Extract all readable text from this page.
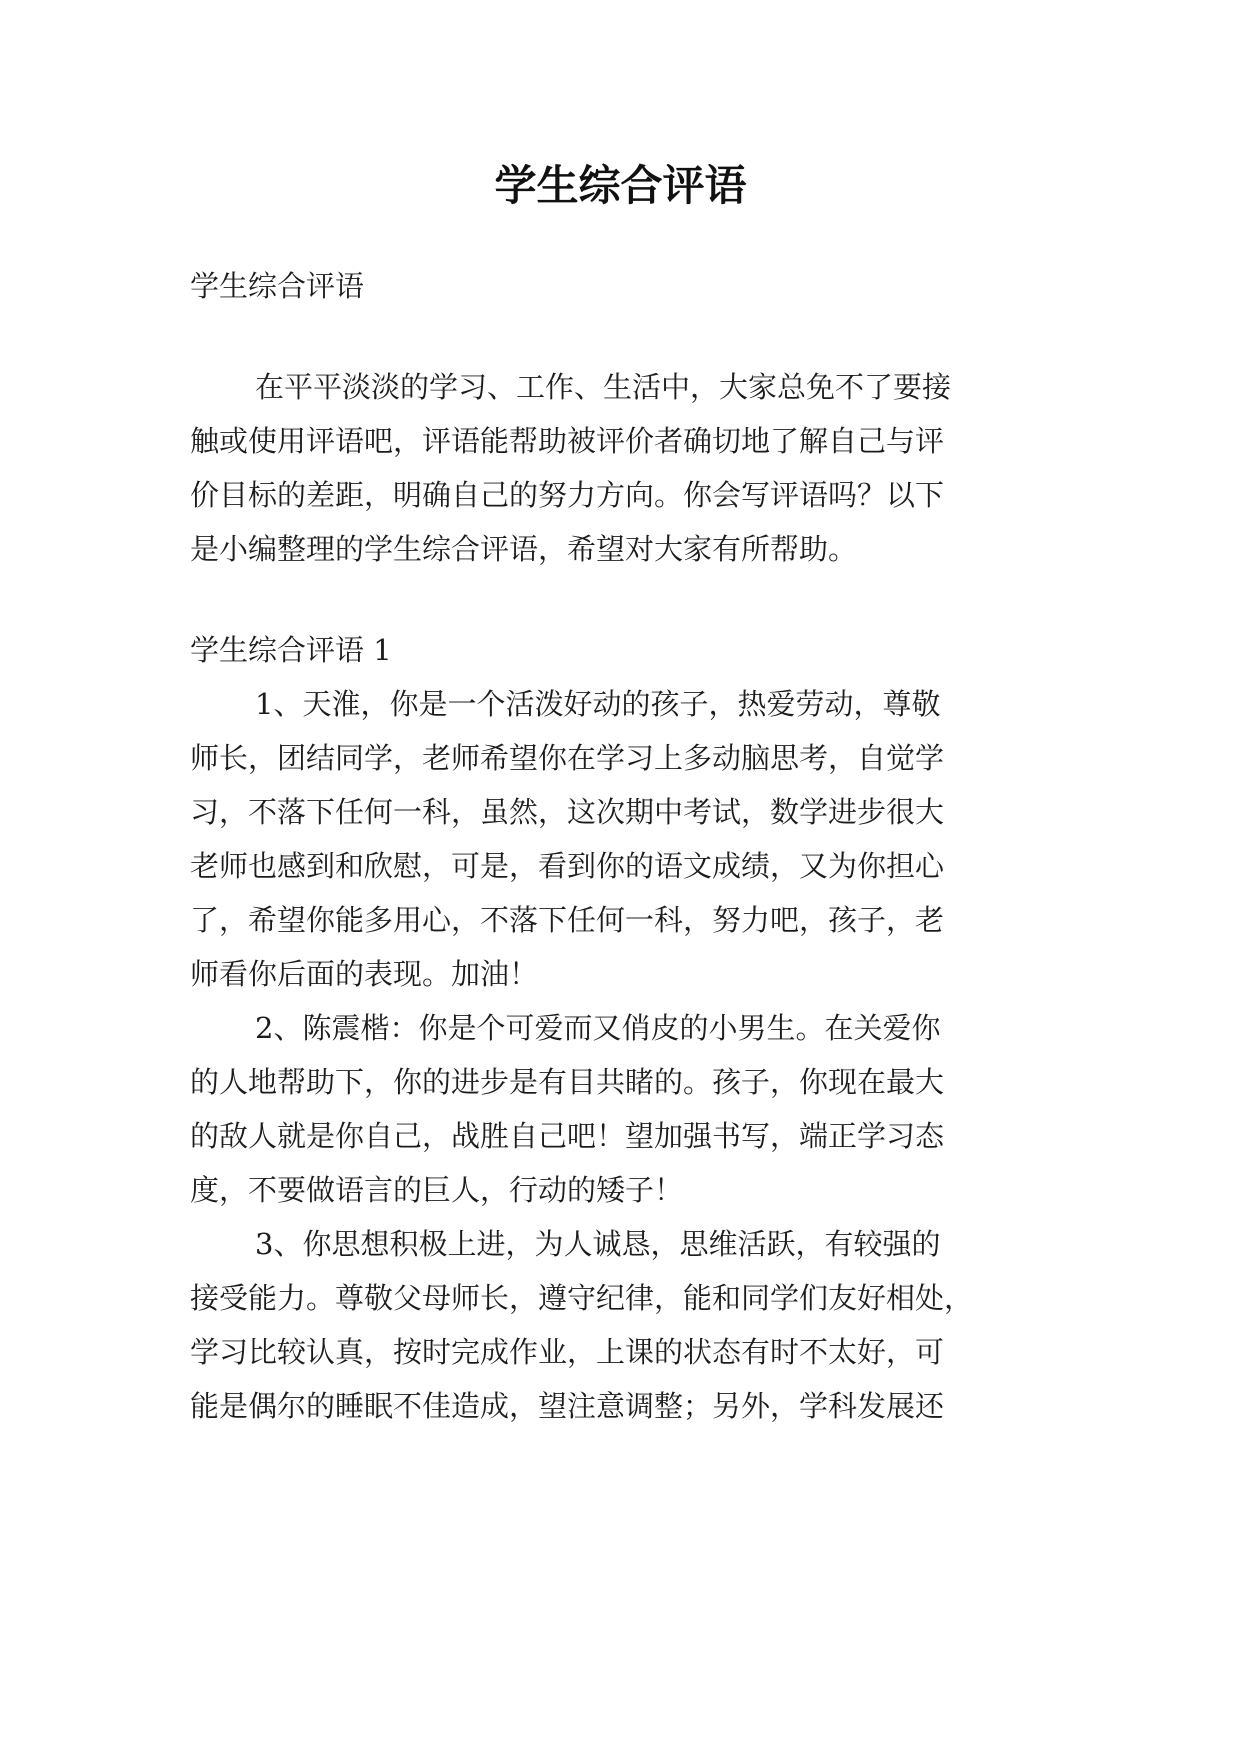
学生综合评语
学生综合评语
在平平淡淡的学习、工作、生活中，大家总免不了要接
触或使用评语吧，评语能帮助被评价者确切地了解自己与评
价目标的差距，明确自己的努力方向。你会写评语吗？以下
是小编整理的学生综合评语，希望对大家有所帮助。
学生综合评语 1
1、天淮，你是一个活泼好动的孩子，热爱劳动，尊敬
师长，团结同学，老师希望你在学习上多动脑思考，自觉学
习，不落下任何一科，虽然，这次期中考试，数学进步很大
老师也感到和欣慰，可是，看到你的语文成绩，又为你担心
了，希望你能多用心，不落下任何一科，努力吧，孩子，老
师看你后面的表现。加油！
2、陈震楷：你是个可爱而又俏皮的小男生。在关爱你
的人地帮助下，你的进步是有目共睹的。孩子，你现在最大
的敌人就是你自己，战胜自己吧！望加强书写，端正学习态
度，不要做语言的巨人，行动的矮子！
3、你思想积极上进，为人诚恳，思维活跃，有较强的
接受能力。尊敬父母师长，遵守纪律，能和同学们友好相处，
学习比较认真，按时完成作业，上课的状态有时不太好，可
能是偶尔的睡眠不佳造成，望注意调整；另外，学科发展还
